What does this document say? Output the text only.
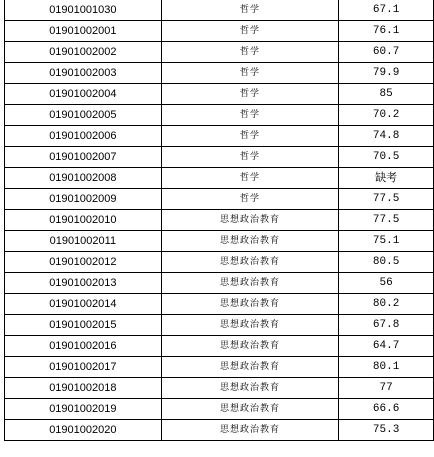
01901001030	哲学	67.1
01901002001	哲学	76.1
01901002002	哲学	60.7
01901002003	哲学	79.9
01901002004	哲学	85
01901002005	哲学	70.2
01901002006	哲学	74.8
01901002007	哲学	70.5
01901002008	哲学	缺考
01901002009	哲学	77.5
01901002010	思想政治教育	77.5
01901002011	思想政治教育	75.1
01901002012	思想政治教育	80.5
01901002013	思想政治教育	56
01901002014	思想政治教育	80.2
01901002015	思想政治教育	67.8
01901002016	思想政治教育	64.7
01901002017	思想政治教育	80.1
01901002018	思想政治教育	77
01901002019	思想政治教育	66.6
01901002020	思想政治教育	75.3
